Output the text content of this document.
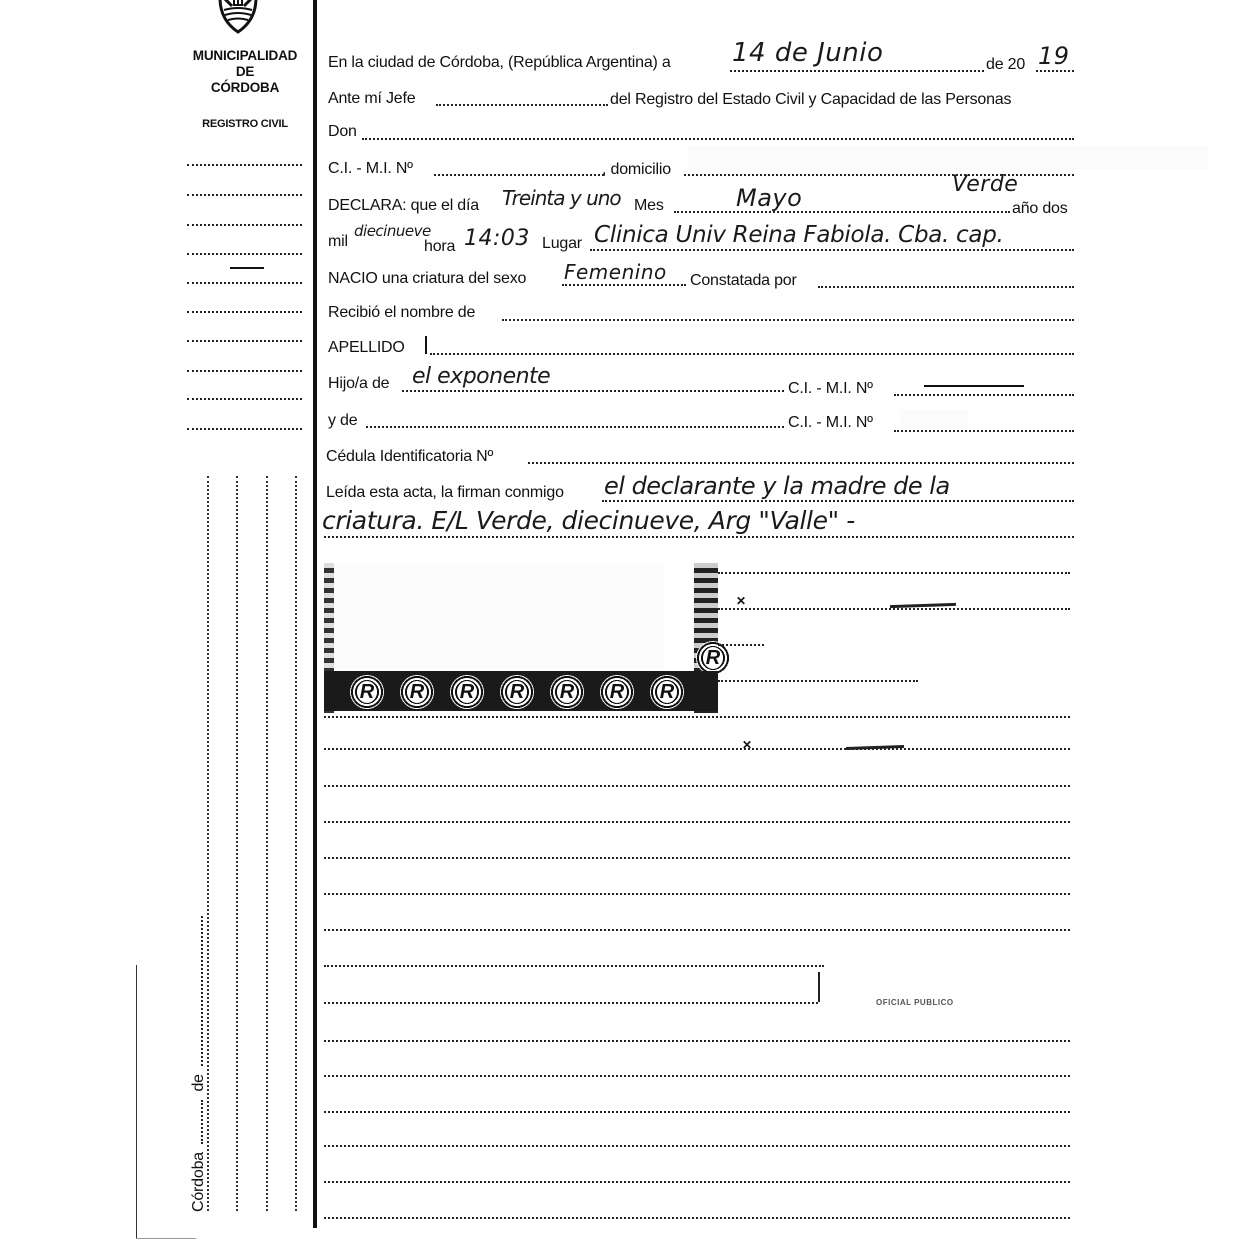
MUNICIPALIDAD
DE
CÓRDOBA
REGISTRO CIVIL
Córdoba  de
En la ciudad de Córdoba, (República Argentina) a 14 de Junio	de 20 19
Ante mí Jefe	del Registro del Estado Civil y Capacidad de las Personas
Don
C.I. - M.I. Nº	, domicilio
DECLARA: que el día Treinta y uno Mes	Mayo	Verde
año dos
mil
diecinueve
hora 14:03 Lugar Clinica Univ Reina Fabiola. Cba. cap.
NACIO una criatura del sexo Femenino Constatada por
Recibió el nombre de
APELLIDO
Hijo/a de el exponente	C.I. - M.I. Nº
y de	C.I. - M.I. Nº
Cédula Identificatoria Nº
Leída esta acta, la firman conmigo el declarante y la madre de la
criatura. E/L Verde, diecinueve, Arg "Valle" -
R
R R R R R R R
✕
✕
OFICIAL PUBLICO
